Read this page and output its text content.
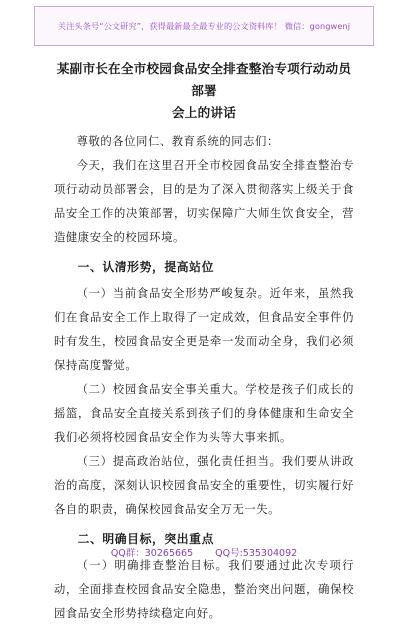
关注头条号“公文研究”，获得最新最全最专业的公文资料库！ 微信：gongwenj
某副市长在全市校园食品安全排查整治专项行动动员部署
会上的讲话

尊敬的各位同仁、教育系统的同志们：

今天，我们在这里召开全市校园食品安全排查整治专项行动动员部署会，目的是为了深入贯彻落实上级关于食品安全工作的决策部署，切实保障广大师生饮食安全，营造健康安全的校园环境。

一、认清形势，提高站位

（一）当前食品安全形势严峻复杂。近年来，虽然我们在食品安全工作上取得了一定成效，但食品安全事件仍时有发生，校园食品安全更是牵一发而动全身，我们必须保持高度警觉。

（二）校园食品安全事关重大。学校是孩子们成长的摇篮，食品安全直接关系到孩子们的身体健康和生命安全我们必须将校园食品安全作为头等大事来抓。

（三）提高政治站位，强化责任担当。我们要从讲政治的高度，深刻认识校园食品安全的重要性，切实履行好各自的职责，确保校园食品安全万无一失。

二、明确目标，突出重点

（一）明确排查整治目标。我们要通过此次专项行动，全面排查校园食品安全隐患，整治突出问题，确保校园食品安全形势持续稳定向好。

QQ群：30265665 QQ号:535304092
